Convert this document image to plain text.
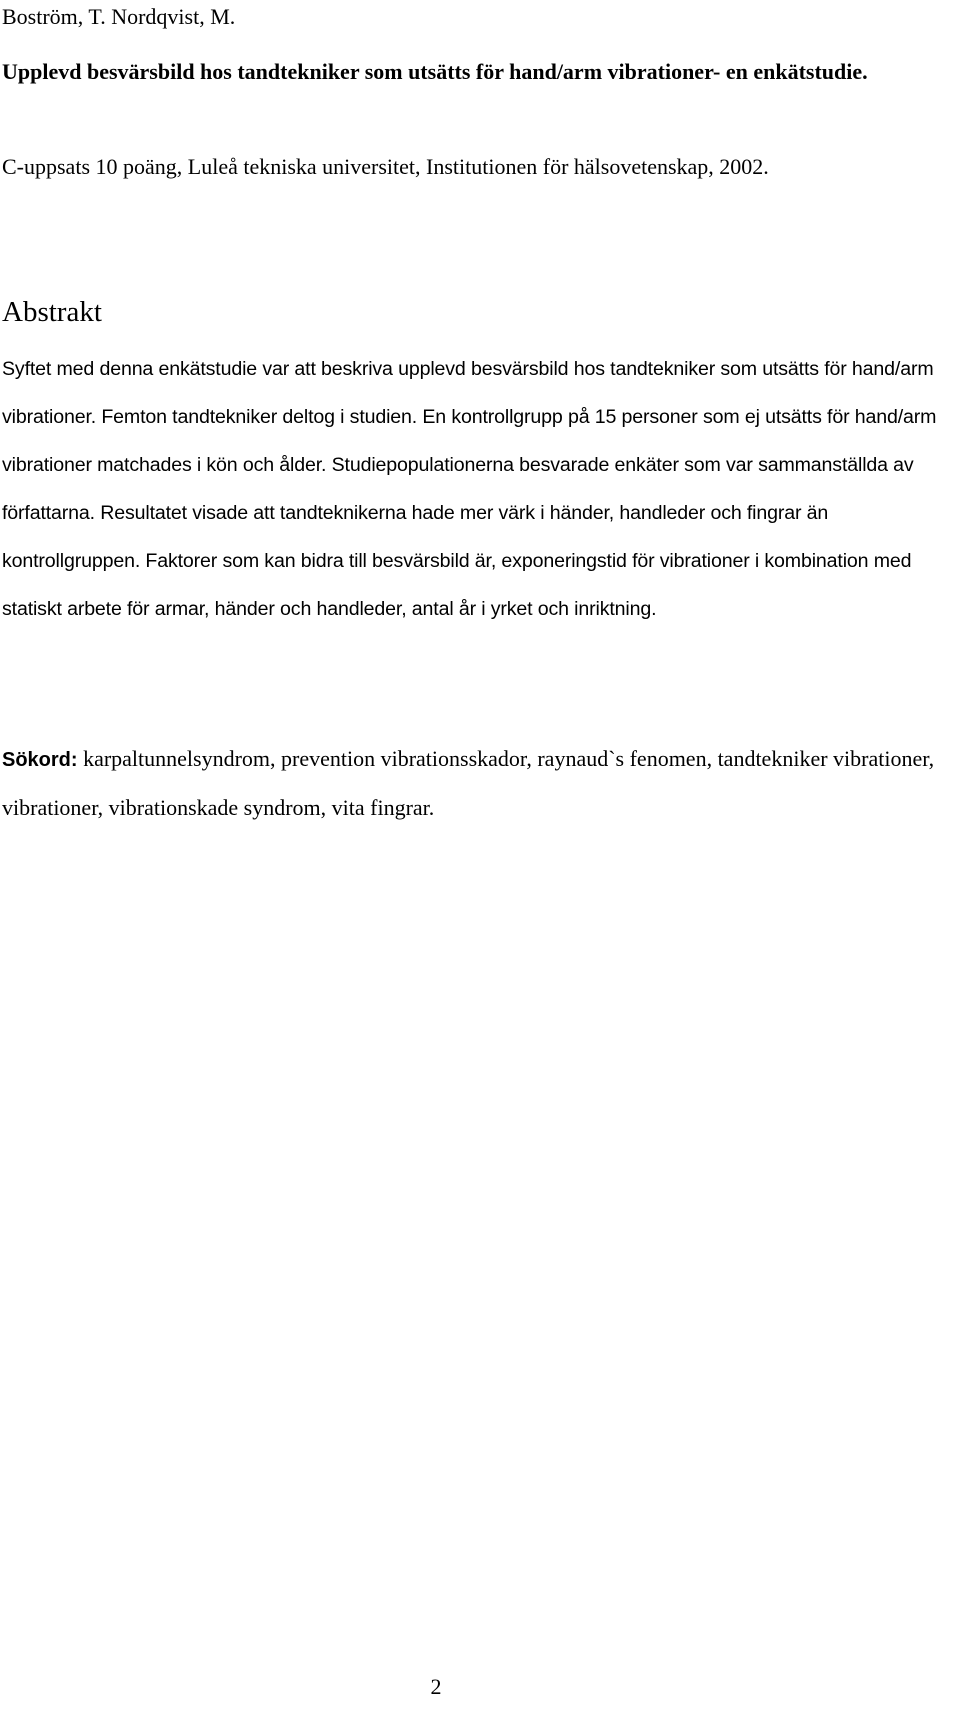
Boström, T. Nordqvist, M.

Upplevd besvärsbild hos tandtekniker som utsätts för hand/arm vibrationer- en enkätstudie.

C-uppsats 10 poäng, Luleå tekniska universitet, Institutionen för hälsovetenskap, 2002.

Abstrakt

Syftet med denna enkätstudie var att beskriva upplevd besvärsbild hos tandtekniker som utsätts för hand/arm vibrationer. Femton tandtekniker deltog i studien. En kontrollgrupp på 15 personer som ej utsätts för hand/arm vibrationer matchades i kön och ålder. Studiepopulationerna besvarade enkäter som var sammanställda av författarna. Resultatet visade att tandteknikerna hade mer värk i händer, handleder och fingrar än kontrollgruppen. Faktorer som kan bidra till besvärsbild är, exponeringstid för vibrationer i kombination med statiskt arbete för armar, händer och handleder, antal år i yrket och inriktning.

Sökord: karpaltunnelsyndrom, prevention vibrationsskador, raynaud`s fenomen, tandtekniker vibrationer, vibrationer, vibrationskade syndrom, vita fingrar.

2
